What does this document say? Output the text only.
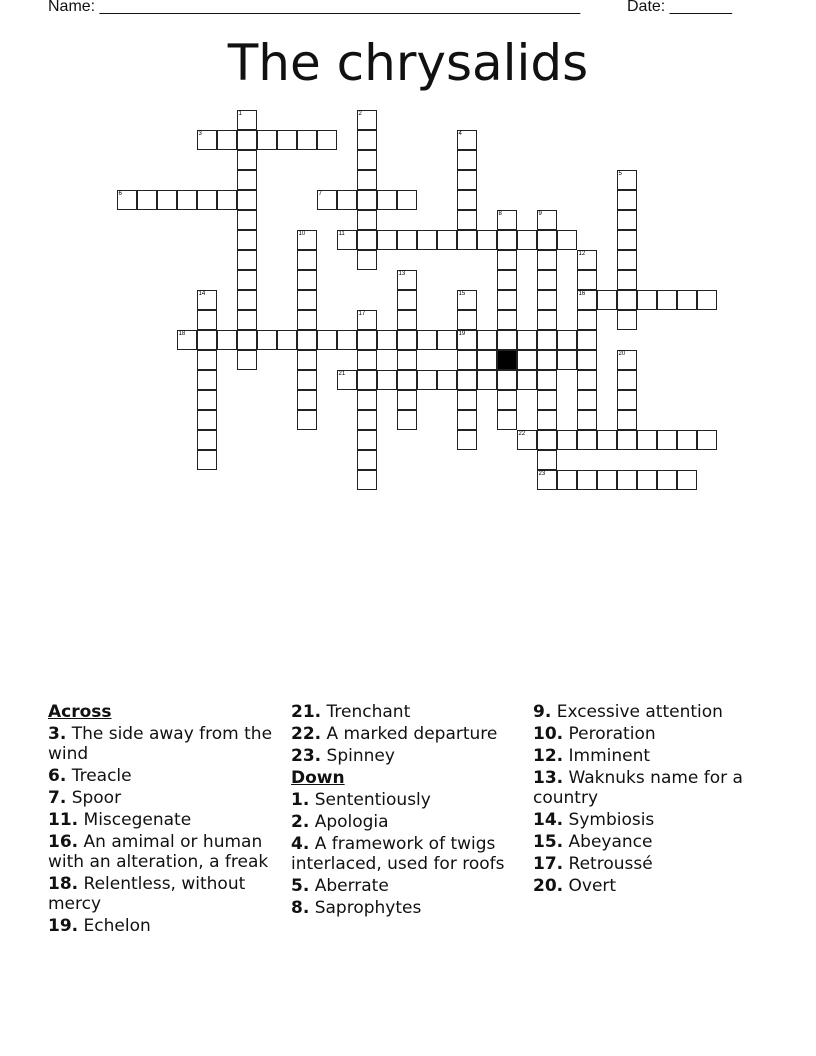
Name: ______________________________________________________	Date: _______
The chrysalids
1	2
3	4
5
6	7
8	9
10	11
12
16
13
14	15
19
17
18
20
21
22
23

Across

3. The side away from the wind

6. Treacle

7. Spoor

11. Miscegenate

16. An amimal or human with an alteration, a freak

18. Relentless, without mercy

19. Echelon

21. Trenchant

22. A marked departure

23. Spinney

Down

1. Sententiously

2. Apologia

4. A framework of twigs interlaced, used for roofs

5. Aberrate

8. Saprophytes

9. Excessive attention

10. Peroration

12. Imminent

13. Waknuks name for a country

14. Symbiosis

15. Abeyance

17. Retroussé

20. Overt
